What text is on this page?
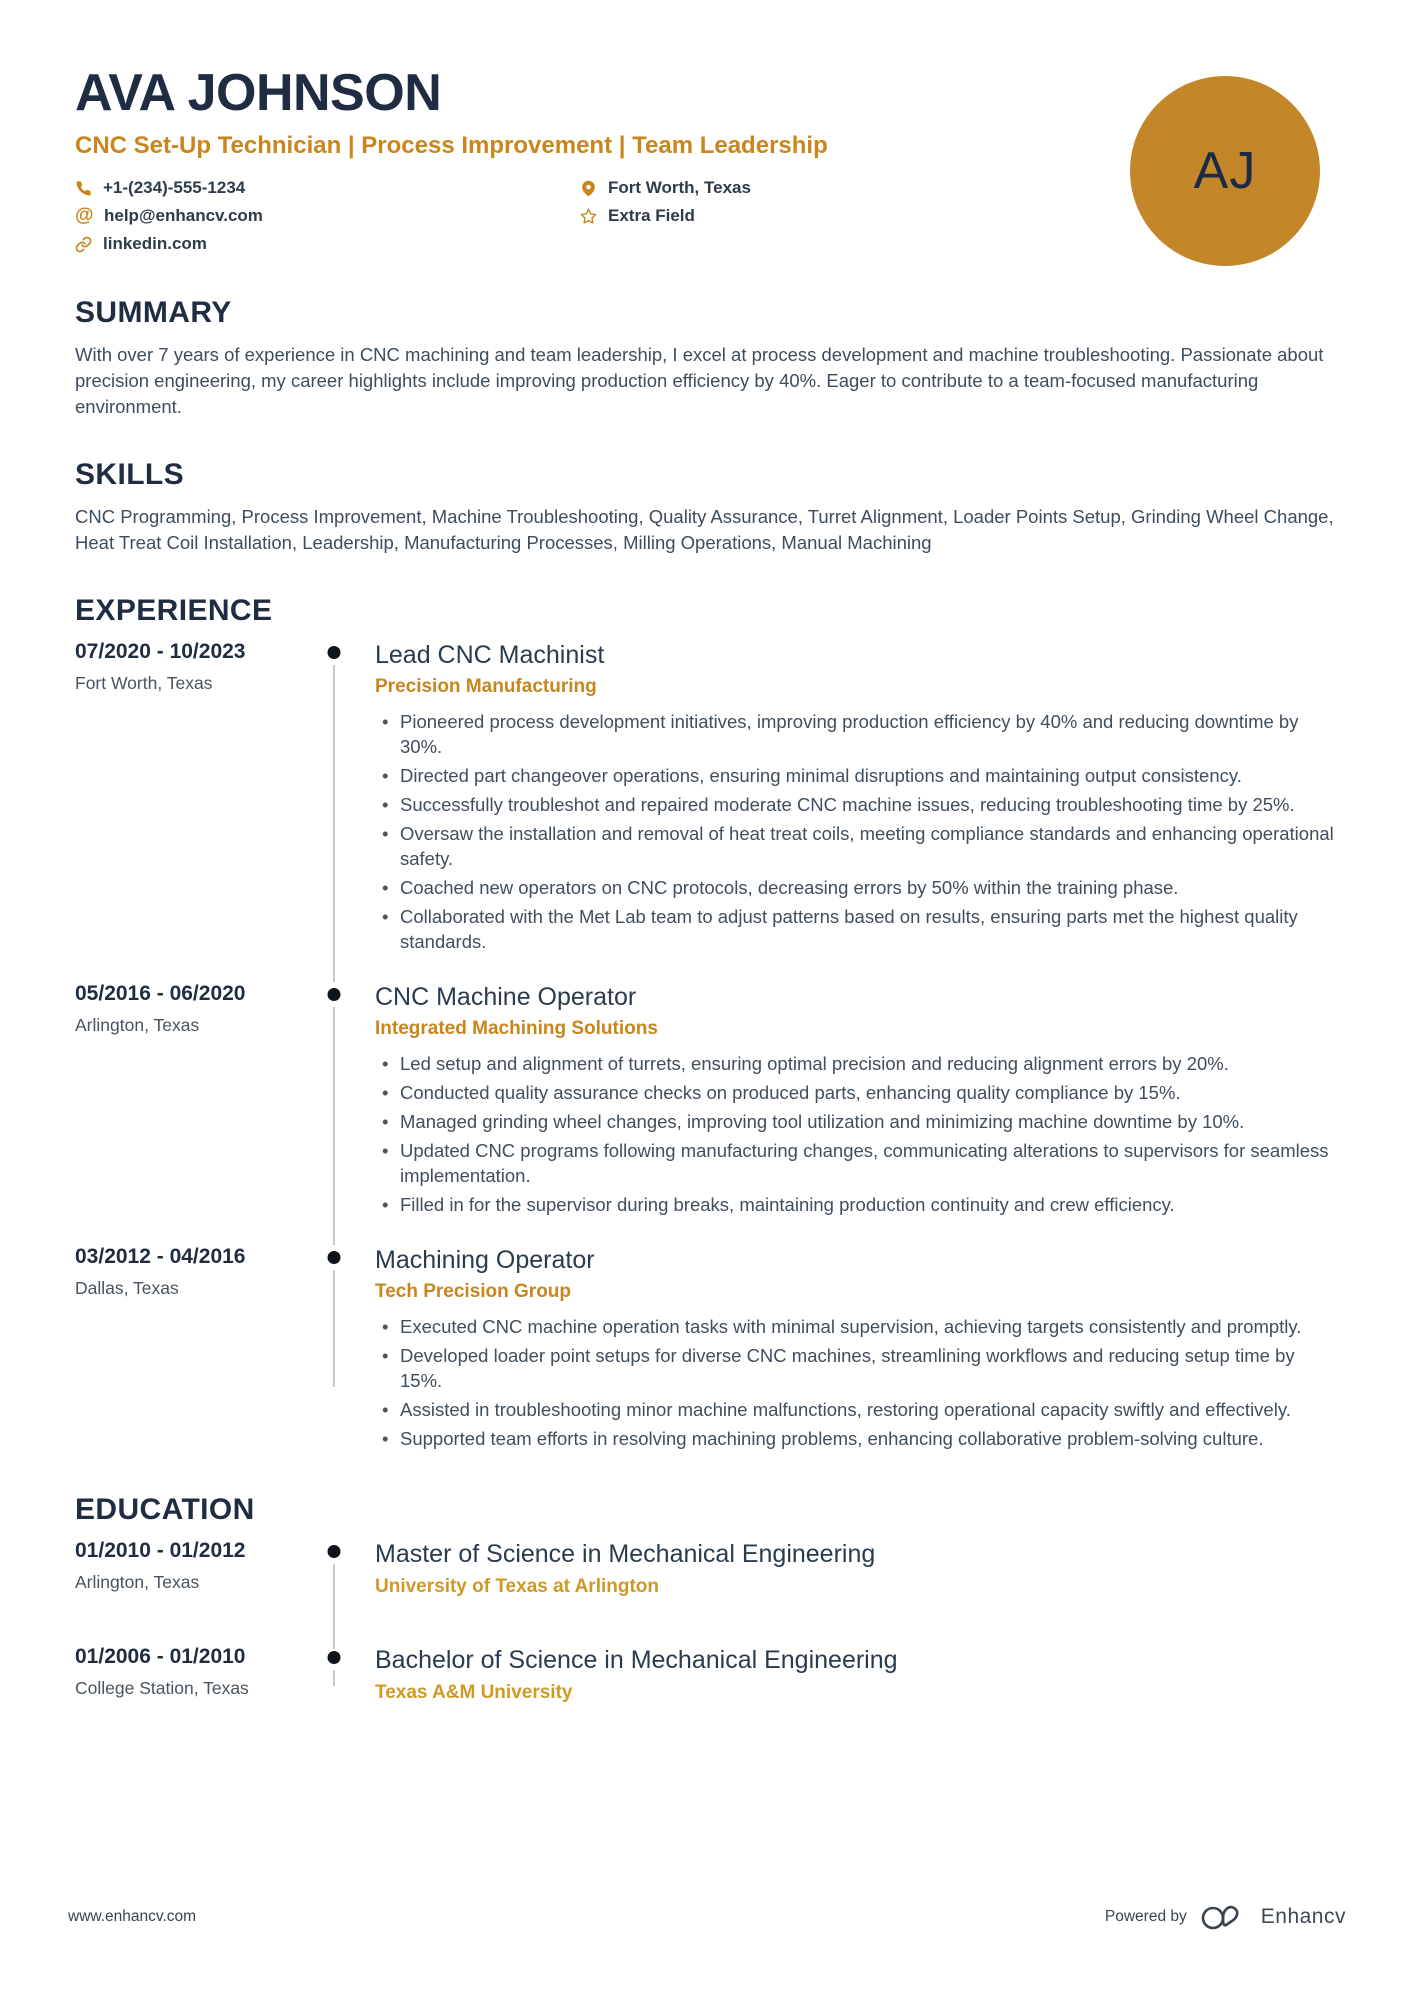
AVA JOHNSON
CNC Set-Up Technician | Process Improvement | Team Leadership
+1-(234)-555-1234
@ help@enhancv.com
linkedin.com
Fort Worth, Texas
Extra Field
AJ
SUMMARY

With over 7 years of experience in CNC machining and team leadership, I excel at process development and machine troubleshooting. Passionate about precision engineering, my career highlights include improving production efficiency by 40%. Eager to contribute to a team-focused manufacturing environment.

SKILLS

CNC Programming, Process Improvement, Machine Troubleshooting, Quality Assurance, Turret Alignment, Loader Points Setup, Grinding Wheel Change, Heat Treat Coil Installation, Leadership, Manufacturing Processes, Milling Operations, Manual Machining

EXPERIENCE
07/2020 - 10/2023
Fort Worth, Texas
Lead CNC Machinist
Precision Manufacturing
• Pioneered process development initiatives, improving production efficiency by 40% and reducing downtime by 30%.
• Directed part changeover operations, ensuring minimal disruptions and maintaining output consistency.
• Successfully troubleshot and repaired moderate CNC machine issues, reducing troubleshooting time by 25%.
• Oversaw the installation and removal of heat treat coils, meeting compliance standards and enhancing operational safety.
• Coached new operators on CNC protocols, decreasing errors by 50% within the training phase.
• Collaborated with the Met Lab team to adjust patterns based on results, ensuring parts met the highest quality standards.
05/2016 - 06/2020
Arlington, Texas
CNC Machine Operator
Integrated Machining Solutions
• Led setup and alignment of turrets, ensuring optimal precision and reducing alignment errors by 20%.
• Conducted quality assurance checks on produced parts, enhancing quality compliance by 15%.
• Managed grinding wheel changes, improving tool utilization and minimizing machine downtime by 10%.
• Updated CNC programs following manufacturing changes, communicating alterations to supervisors for seamless implementation.
• Filled in for the supervisor during breaks, maintaining production continuity and crew efficiency.
03/2012 - 04/2016
Dallas, Texas
Machining Operator
Tech Precision Group
• Executed CNC machine operation tasks with minimal supervision, achieving targets consistently and promptly.
• Developed loader point setups for diverse CNC machines, streamlining workflows and reducing setup time by 15%.
• Assisted in troubleshooting minor machine malfunctions, restoring operational capacity swiftly and effectively.
• Supported team efforts in resolving machining problems, enhancing collaborative problem-solving culture.
EDUCATION
01/2010 - 01/2012
Arlington, Texas
Master of Science in Mechanical Engineering
University of Texas at Arlington
01/2006 - 01/2010
College Station, Texas
Bachelor of Science in Mechanical Engineering
Texas A&M University
www.enhancv.com	Powered by	Enhancv
